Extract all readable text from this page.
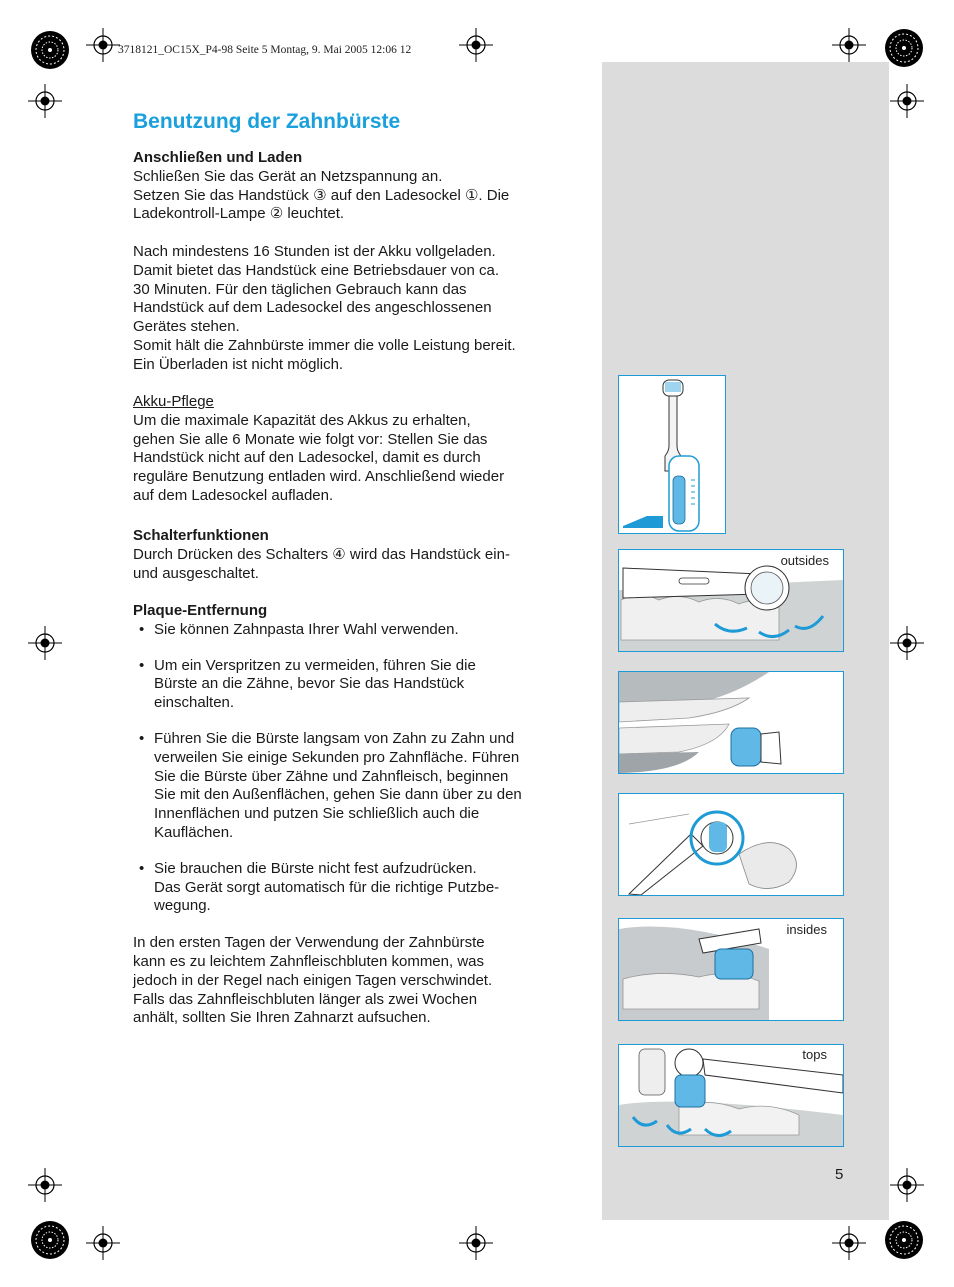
3718121_OC15X_P4-98 Seite 5 Montag, 9. Mai 2005 12:06 12
Benutzung der Zahnbürste

Anschließen und Laden

Schließen Sie das Gerät an Netzspannung an.

Setzen Sie das Handstück ③ auf den Ladesockel ①. Die

Ladekontroll-Lampe ② leuchtet.

Nach mindestens 16 Stunden ist der Akku vollgeladen.

Damit bietet das Handstück eine Betriebsdauer von ca.

30 Minuten. Für den täglichen Gebrauch kann das

Handstück auf dem Ladesockel des angeschlossenen

Gerätes stehen.

Somit hält die Zahnbürste immer die volle Leistung bereit.

Ein Überladen ist nicht möglich.

Akku-Pflege

Um die maximale Kapazität des Akkus zu erhalten,

gehen Sie alle 6 Monate wie folgt vor: Stellen Sie das

Handstück nicht auf den Ladesockel, damit es durch

reguläre Benutzung entladen wird. Anschließend wieder

auf dem Ladesockel aufladen.

Schalterfunktionen

Durch Drücken des Schalters ④ wird das Handstück ein-

und ausgeschaltet.

Plaque-Entfernung

• Sie können Zahnpasta Ihrer Wahl verwenden.

• Um ein Verspritzen zu vermeiden, führen Sie die

Bürste an die Zähne, bevor Sie das Handstück

einschalten.

• Führen Sie die Bürste langsam von Zahn zu Zahn und

verweilen Sie einige Sekunden pro Zahnfläche. Führen

Sie die Bürste über Zähne und Zahnfleisch, beginnen

Sie mit den Außenflächen, gehen Sie dann über zu den

Innenflächen und putzen Sie schließlich auch die

Kauflächen.

• Sie brauchen die Bürste nicht fest aufzudrücken.

Das Gerät sorgt automatisch für die richtige Putzbe-

wegung.

In den ersten Tagen der Verwendung der Zahnbürste

kann es zu leichtem Zahnfleischbluten kommen, was

jedoch in der Regel nach einigen Tagen verschwindet.

Falls das Zahnfleischbluten länger als zwei Wochen

anhält, sollten Sie Ihren Zahnarzt aufsuchen.

outsides
insides
tops
5
